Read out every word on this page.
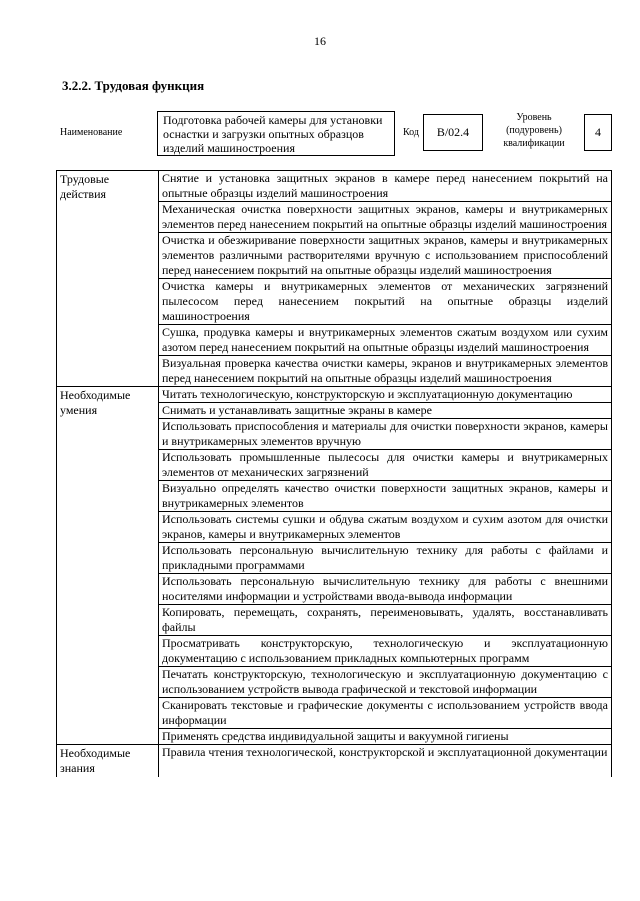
16
3.2.2. Трудовая функция
Наименование
Подготовка рабочей камеры для установки оснастки и загрузки опытных образцов изделий машиностроения
Код	B/02.4
Уровень (подуровень) квалификации
4
Трудовые действия	Снятие и установка защитных экранов в камере перед нанесением покрытий на опытные образцы изделий машиностроения
	Механическая очистка поверхности защитных экранов, камеры и внутрикамерных элементов перед нанесением покрытий на опытные образцы изделий машиностроения
	Очистка и обезжиривание поверхности защитных экранов, камеры и внутрикамерных элементов различными растворителями вручную с использованием приспособлений перед нанесением покрытий на опытные образцы изделий машиностроения
	Очистка камеры и внутрикамерных элементов от механических загрязнений пылесосом перед нанесением покрытий на опытные образцы изделий машиностроения
	Сушка, продувка камеры и внутрикамерных элементов сжатым воздухом или сухим азотом перед нанесением покрытий на опытные образцы изделий машиностроения
	Визуальная проверка качества очистки камеры, экранов и внутрикамерных элементов перед нанесением покрытий на опытные образцы изделий машиностроения
Необходимые умения	Читать технологическую, конструкторскую и эксплуатационную документацию
	Снимать и устанавливать защитные экраны в камере
	Использовать приспособления и материалы для очистки поверхности экранов, камеры и внутрикамерных элементов вручную
	Использовать промышленные пылесосы для очистки камеры и внутрикамерных элементов от механических загрязнений
	Визуально определять качество очистки поверхности защитных экранов, камеры и внутрикамерных элементов
	Использовать системы сушки и обдува сжатым воздухом и сухим азотом для очистки экранов, камеры и внутрикамерных элементов
	Использовать персональную вычислительную технику для работы с файлами и прикладными программами
	Использовать персональную вычислительную технику для работы с внешними носителями информации и устройствами ввода-вывода информации
	Копировать, перемещать, сохранять, переименовывать, удалять, восстанавливать файлы
	Просматривать конструкторскую, технологическую и эксплуатационную документацию с использованием прикладных компьютерных программ
	Печатать конструкторскую, технологическую и эксплуатационную документацию с использованием устройств вывода графической и текстовой информации
	Сканировать текстовые и графические документы с использованием устройств ввода информации
	Применять средства индивидуальной защиты и вакуумной гигиены
Необходимые знания	Правила чтения технологической, конструкторской и эксплуатационной документации
